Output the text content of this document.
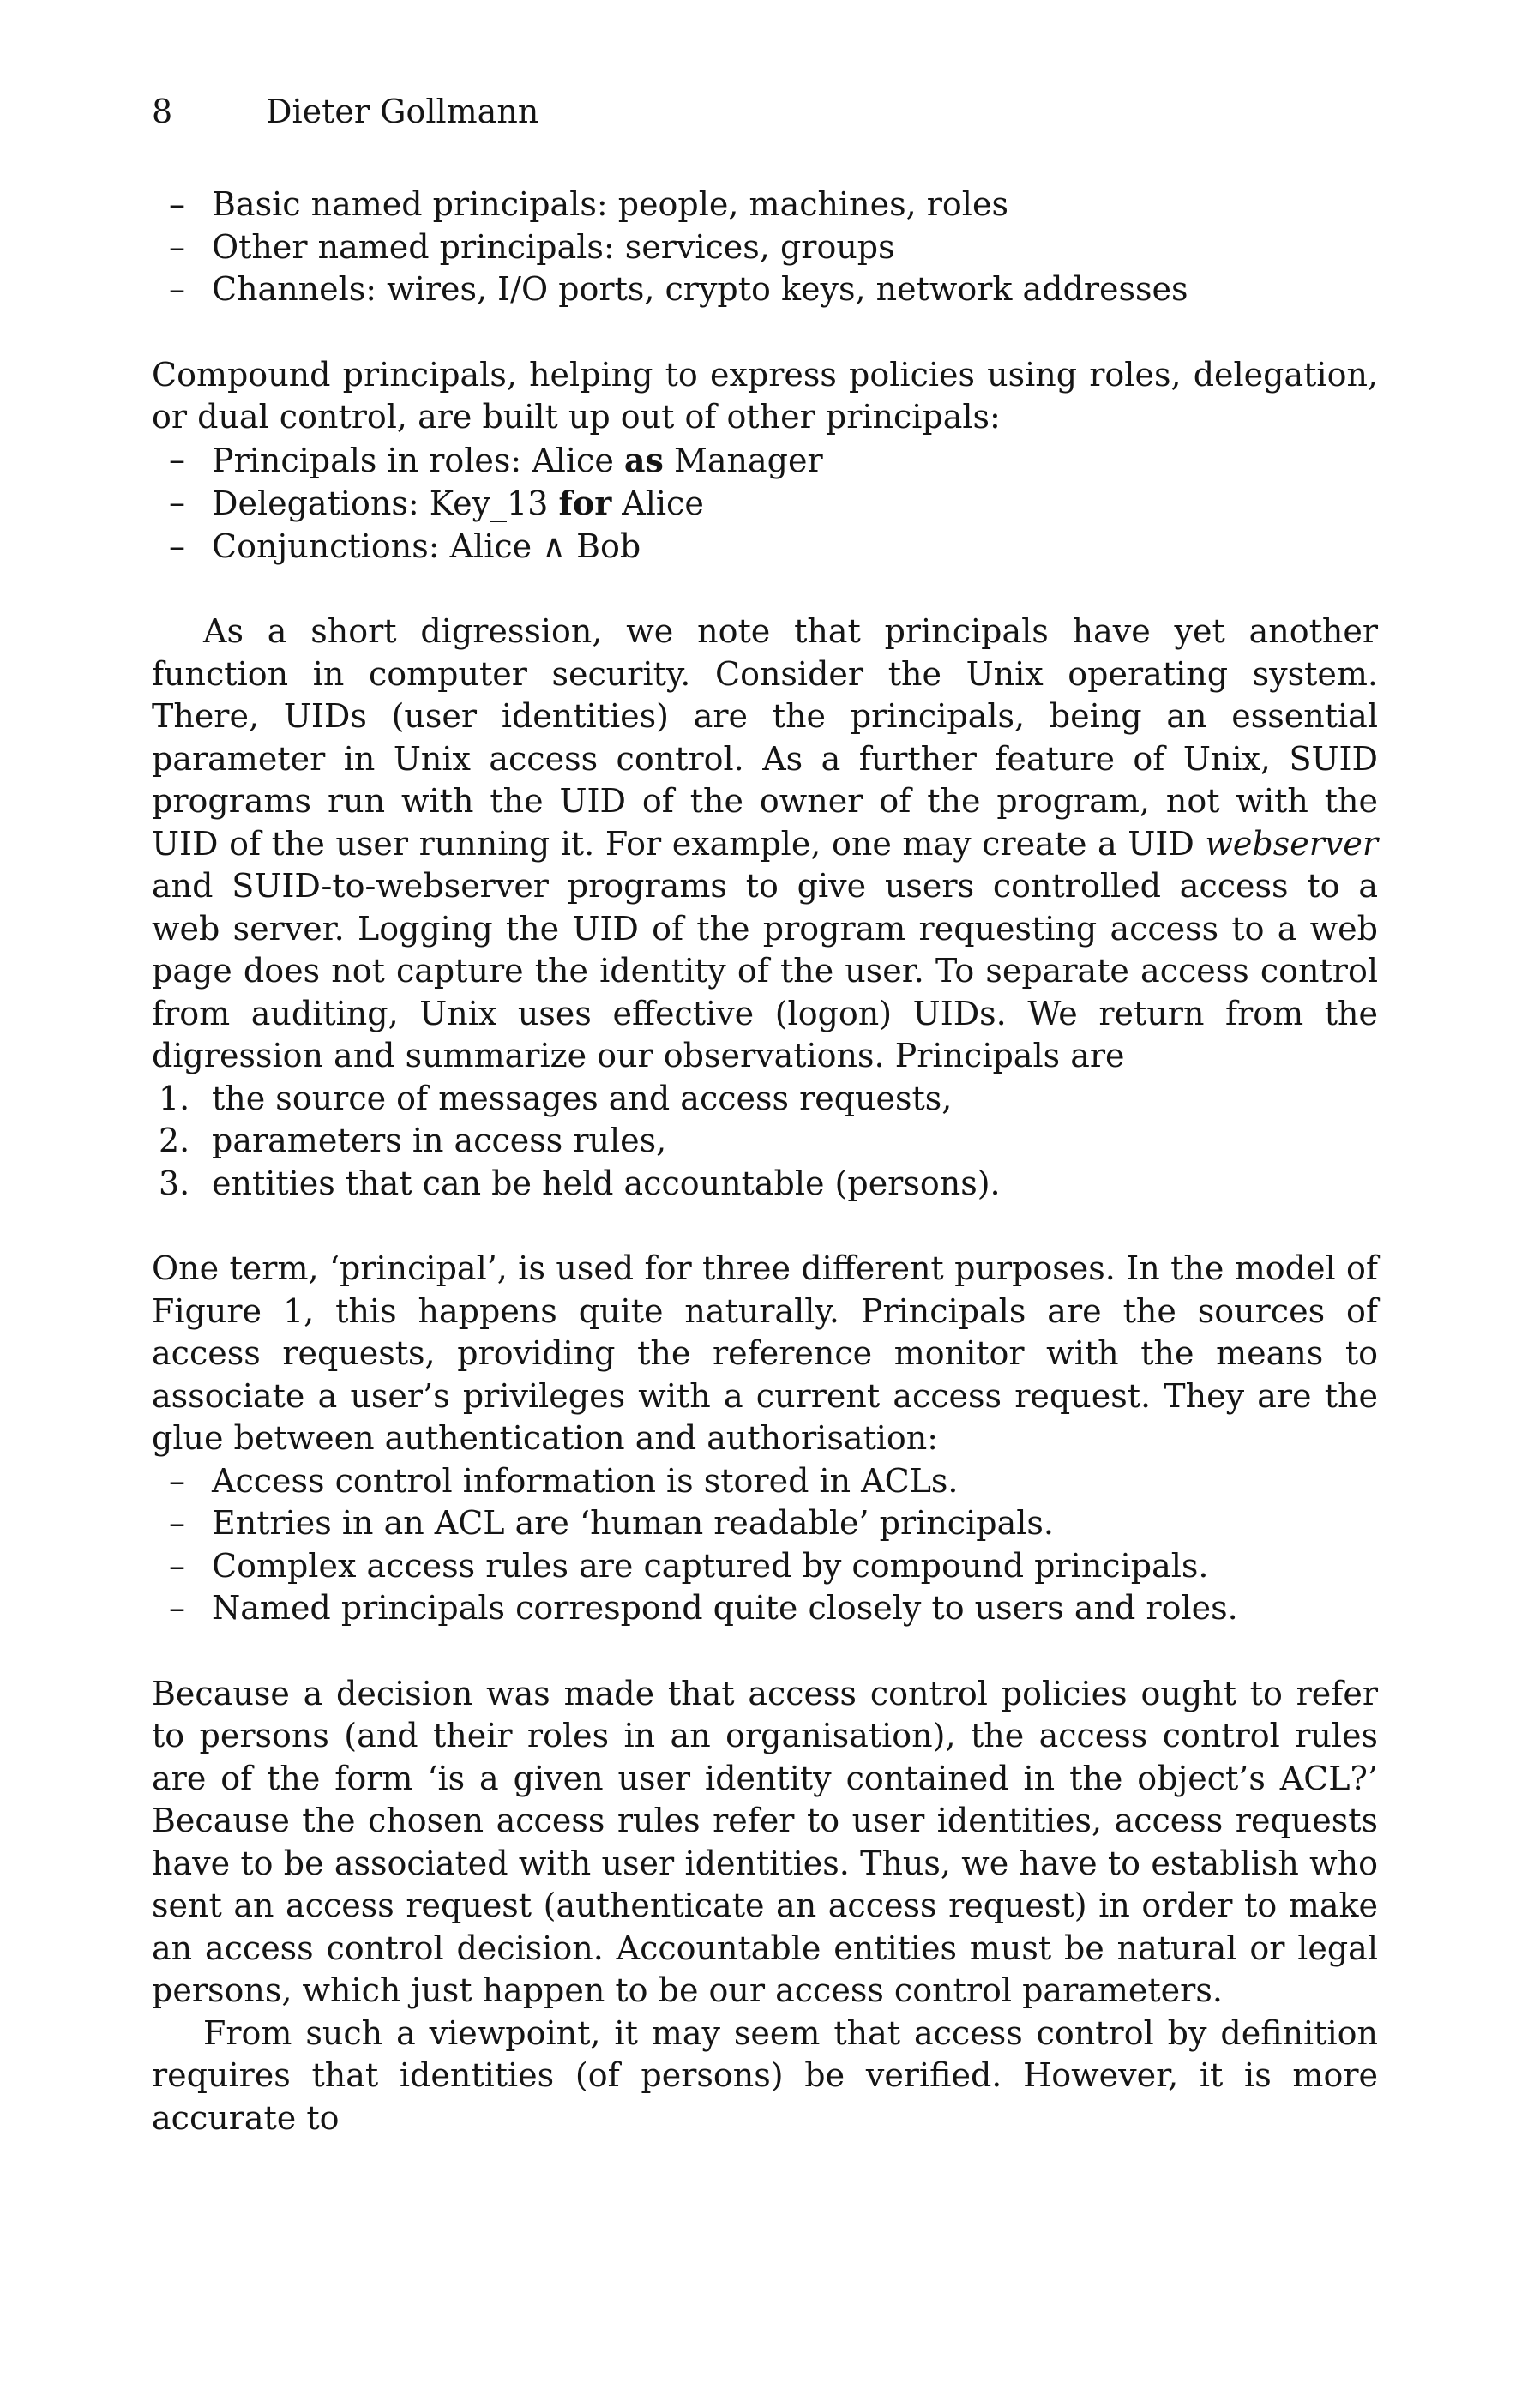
8	Dieter Gollmann
– Basic named principals: people, machines, roles
– Other named principals: services, groups
– Channels: wires, I/O ports, crypto keys, network addresses

Compound principals, helping to express policies using roles, delegation, or dual control, are built up out of other principals:

– Principals in roles: Alice as Manager
– Delegations: Key_13 for Alice
– Conjunctions: Alice ∧ Bob

As a short digression, we note that principals have yet another function in computer security. Consider the Unix operating system. There, UIDs (user identities) are the principals, being an essential parameter in Unix access control. As a further feature of Unix, SUID programs run with the UID of the owner of the program, not with the UID of the user running it. For example, one may create a UID webserver and SUID-to-webserver programs to give users controlled access to a web server. Logging the UID of the program requesting access to a web page does not capture the identity of the user. To separate access control from auditing, Unix uses effective (logon) UIDs. We return from the digression and summarize our observations. Principals are

1. the source of messages and access requests,
2. parameters in access rules,
3. entities that can be held accountable (persons).

One term, ‘principal’, is used for three different purposes. In the model of Figure 1, this happens quite naturally. Principals are the sources of access requests, providing the reference monitor with the means to associate a user’s privileges with a current access request. They are the glue between authentication and authorisation:

– Access control information is stored in ACLs.
– Entries in an ACL are ‘human readable’ principals.
– Complex access rules are captured by compound principals.
– Named principals correspond quite closely to users and roles.

Because a decision was made that access control policies ought to refer to persons (and their roles in an organisation), the access control rules are of the form ‘is a given user identity contained in the object’s ACL?’ Because the chosen access rules refer to user identities, access requests have to be associated with user identities. Thus, we have to establish who sent an access request (authenticate an access request) in order to make an access control decision. Accountable entities must be natural or legal persons, which just happen to be our access control parameters.

From such a viewpoint, it may seem that access control by definition requires that identities (of persons) be verified. However, it is more accurate to
